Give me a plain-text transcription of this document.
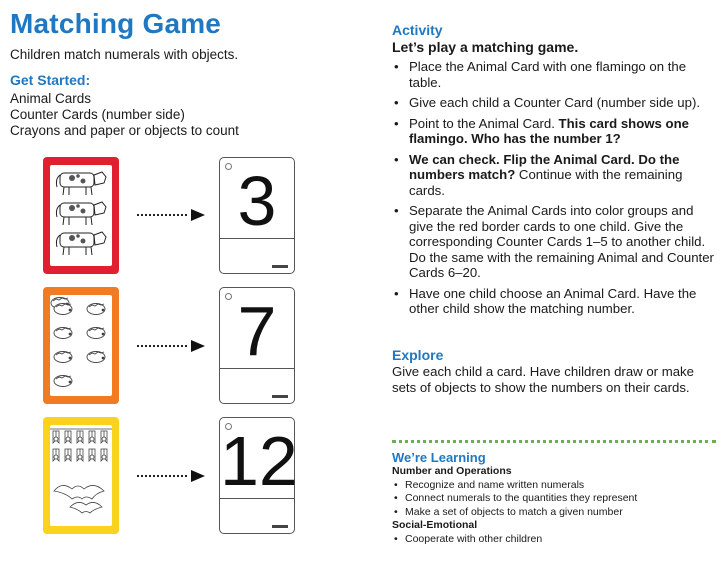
Matching Game
Children match numerals with objects.
Get Started:
Animal Cards
Counter Cards (number side)
Crayons and paper or objects to count
3
7
12
Activity
Let’s play a matching game.
• Place the Animal Card with one flamingo on the table.
• Give each child a Counter Card (number side up).
• Point to the Animal Card. This card shows one flamingo. Who has the number 1?
• We can check. Flip the Animal Card. Do the numbers match? Continue with the remaining cards.
• Separate the Animal Cards into color groups and give the red border cards to one child. Give the corresponding Counter Cards 1–5 to another child. Do the same with the remaining Animal and Counter Cards 6–20.
• Have one child choose an Animal Card. Have the other child show the matching number.
Explore
Give each child a card. Have children draw or make sets of objects to show the numbers on their cards.
We’re Learning
Number and Operations
• Recognize and name written numerals
• Connect numerals to the quantities they represent
• Make a set of objects to match a given number
Social-Emotional
• Cooperate with other children
